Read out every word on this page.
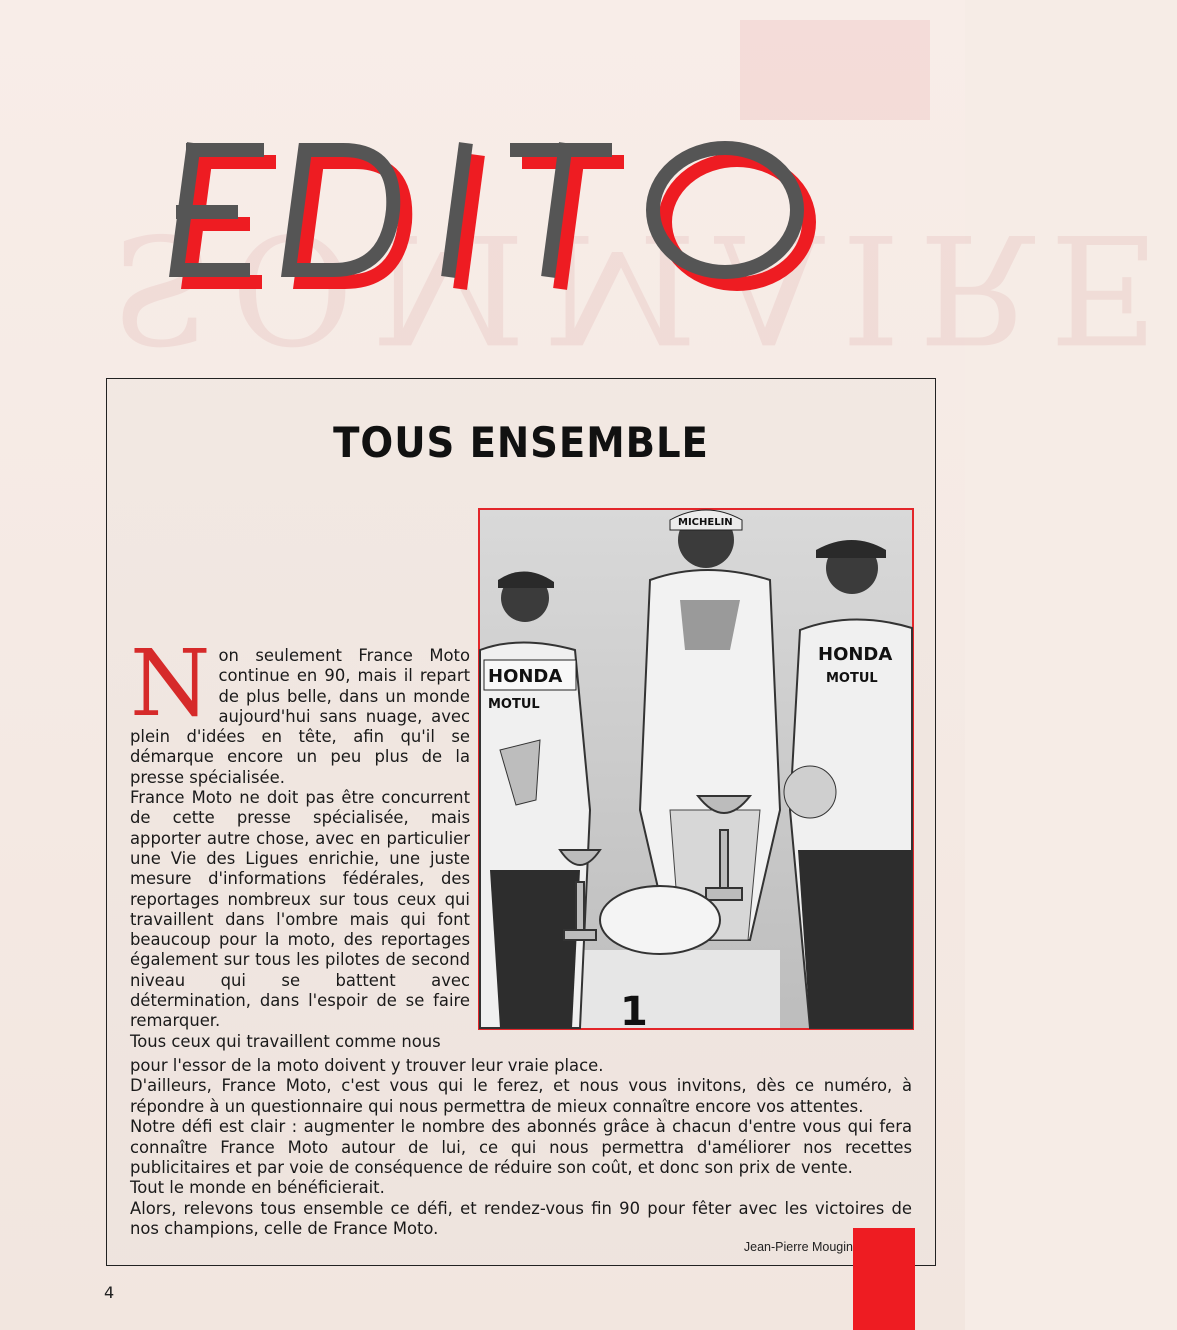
SOMMAIRE
EDITO
TOUS ENSEMBLE
1
HONDA
MOTUL
MICHELIN
HONDA
MOTUL
N on seulement France Moto continue en 90, mais il repart de plus belle, dans un monde aujourd'hui sans nuage, avec plein d'idées en tête, afin qu'il se démarque encore un peu plus de la presse spécialisée.

France Moto ne doit pas être concurrent de cette presse spécialisée, mais apporter autre chose, avec en particulier une Vie des Ligues enrichie, une juste mesure d'informations fédérales, des reportages nombreux sur tous ceux qui travaillent dans l'ombre mais qui font beaucoup pour la moto, des reportages également sur tous les pilotes de second niveau qui se battent avec détermination, dans l'espoir de se faire remarquer.

Tous ceux qui travaillent comme nous

pour l'essor de la moto doivent y trouver leur vraie place.

D'ailleurs, France Moto, c'est vous qui le ferez, et nous vous invitons, dès ce numéro, à répondre à un questionnaire qui nous permettra de mieux connaître encore vos attentes.

Notre défi est clair : augmenter le nombre des abonnés grâce à chacun d'entre vous qui fera connaître France Moto autour de lui, ce qui nous permettra d'améliorer nos recettes publicitaires et par voie de conséquence de réduire son coût, et donc son prix de vente.

Tout le monde en bénéficierait.

Alors, relevons tous ensemble ce défi, et rendez-vous fin 90 pour fêter avec les victoires de nos champions, celle de France Moto.

Jean-Pierre Mougin
4
